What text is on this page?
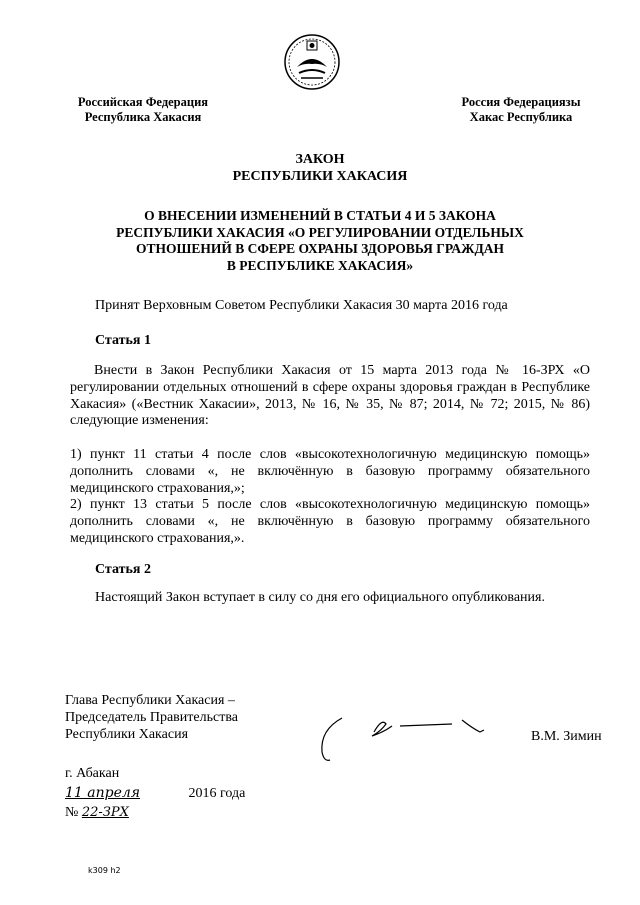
Российская Федерация
Республика Хакасия
Россия Федерациязы
Хакас Республика
ЗАКОН
РЕСПУБЛИКИ ХАКАСИЯ
О ВНЕСЕНИИ ИЗМЕНЕНИЙ В СТАТЬИ 4 И 5 ЗАКОНА
РЕСПУБЛИКИ ХАКАСИЯ «О РЕГУЛИРОВАНИИ ОТДЕЛЬНЫХ
ОТНОШЕНИЙ В СФЕРЕ ОХРАНЫ ЗДОРОВЬЯ ГРАЖДАН
В РЕСПУБЛИКЕ ХАКАСИЯ»
Принят Верховным Советом Республики Хакасия 30 марта 2016 года
Статья 1
Внести в Закон Республики Хакасия от 15 марта 2013 года № 16-ЗРХ «О регулировании отдельных отношений в сфере охраны здоровья граждан в Республике Хакасия» («Вестник Хакасии», 2013, № 16, № 35, № 87; 2014, № 72; 2015, № 86) следующие изменения:
1) пункт 11 статьи 4 после слов «высокотехнологичную медицинскую помощь» дополнить словами «, не включённую в базовую программу обязательного медицинского страхования,»;
2) пункт 13 статьи 5 после слов «высокотехнологичную медицинскую помощь» дополнить словами «, не включённую в базовую программу обязательного медицинского страхования,».
Статья 2
Настоящий Закон вступает в силу со дня его официального опубликования.
Глава Республики Хакасия –
Председатель Правительства
Республики Хакасия	В.М. Зимин
г. Абакан
11 апреля	2016 года
№ 22-ЗРХ
k309 h2
